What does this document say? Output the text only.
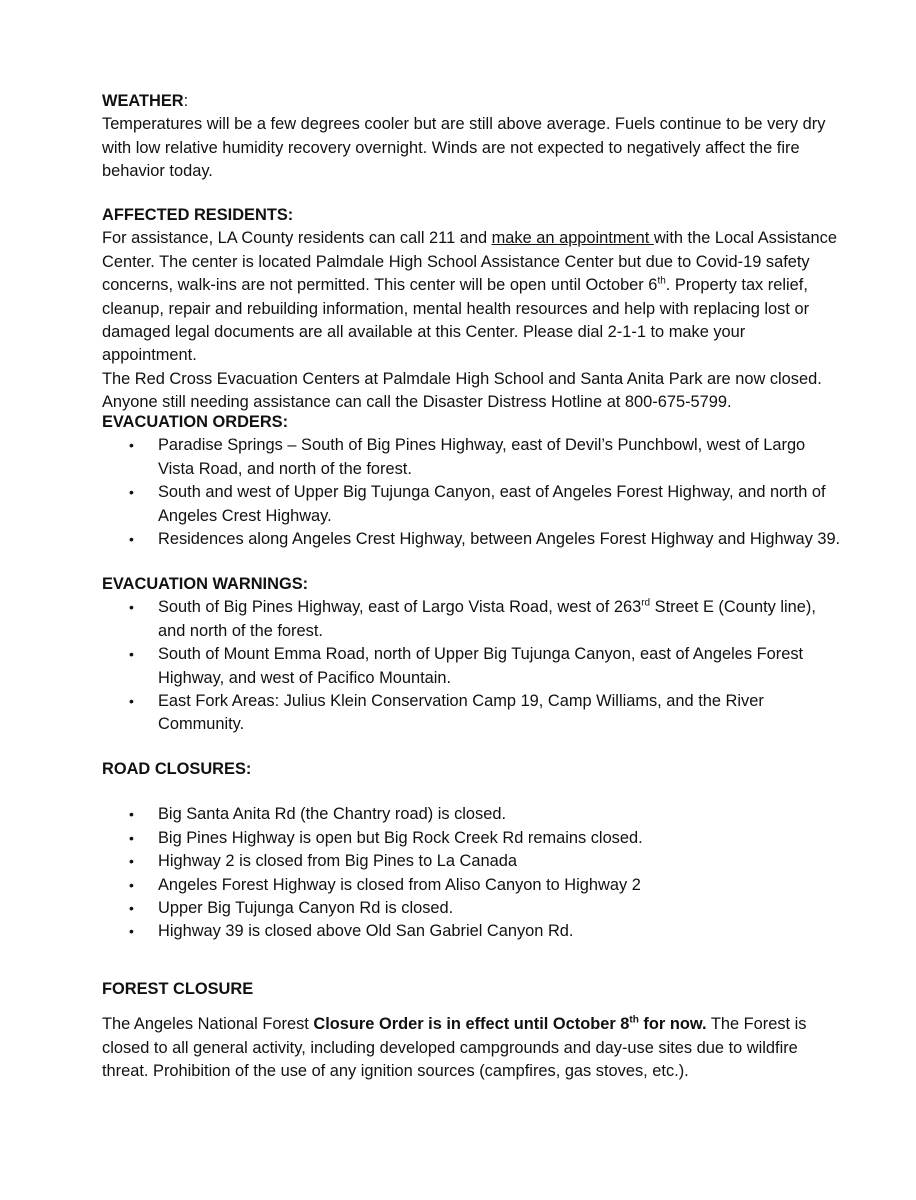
WEATHER:

Temperatures will be a few degrees cooler but are still above average. Fuels continue to be very dry with low relative humidity recovery overnight. Winds are not expected to negatively affect the fire behavior today.

AFFECTED RESIDENTS:

For assistance, LA County residents can call 211 and make an appointment with the Local Assistance Center. The center is located Palmdale High School Assistance Center but due to Covid-19 safety concerns, walk-ins are not permitted. This center will be open until October 6th. Property tax relief, cleanup, repair and rebuilding information, mental health resources and help with replacing lost or damaged legal documents are all available at this Center. Please dial 2-1-1 to make your appointment.

The Red Cross Evacuation Centers at Palmdale High School and Santa Anita Park are now closed. Anyone still needing assistance can call the Disaster Distress Hotline at 800-675-5799.

EVACUATION ORDERS:
• Paradise Springs – South of Big Pines Highway, east of Devil’s Punchbowl, west of Largo Vista Road, and north of the forest.
• South and west of Upper Big Tujunga Canyon, east of Angeles Forest Highway, and north of Angeles Crest Highway.
• Residences along Angeles Crest Highway, between Angeles Forest Highway and Highway 39.
EVACUATION WARNINGS:
• South of Big Pines Highway, east of Largo Vista Road, west of 263rd Street E (County line), and north of the forest.
• South of Mount Emma Road, north of Upper Big Tujunga Canyon, east of Angeles Forest Highway, and west of Pacifico Mountain.
• East Fork Areas: Julius Klein Conservation Camp 19, Camp Williams, and the River Community.
ROAD CLOSURES:
• Big Santa Anita Rd (the Chantry road) is closed.
• Big Pines Highway is open but Big Rock Creek Rd remains closed.
• Highway 2 is closed from Big Pines to La Canada
• Angeles Forest Highway is closed from Aliso Canyon to Highway 2
• Upper Big Tujunga Canyon Rd is closed.
• Highway 39 is closed above Old San Gabriel Canyon Rd.
FOREST CLOSURE

The Angeles National Forest Closure Order is in effect until October 8th for now. The Forest is closed to all general activity, including developed campgrounds and day-use sites due to wildfire threat. Prohibition of the use of any ignition sources (campfires, gas stoves, etc.).
